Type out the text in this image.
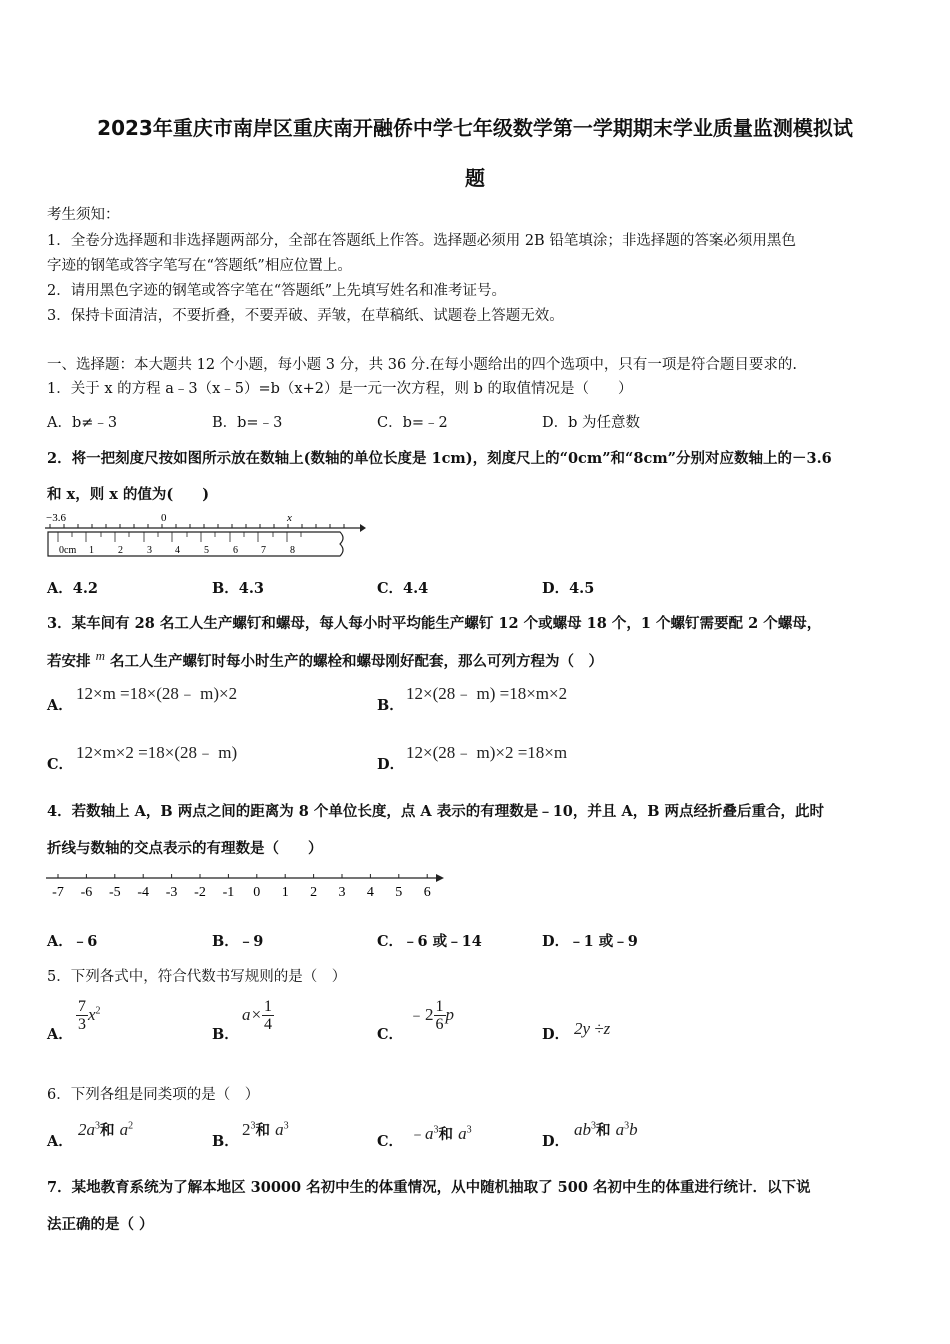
2023年重庆市南岸区重庆南开融侨中学七年级数学第一学期期末学业质量监测模拟试
题
考生须知：
1．全卷分选择题和非选择题两部分，全部在答题纸上作答。选择题必须用 2B 铅笔填涂；非选择题的答案必须用黑色
字迹的钢笔或答字笔写在“答题纸”相应位置上。
2．请用黑色字迹的钢笔或答字笔在“答题纸”上先填写姓名和准考证号。
3．保持卡面清洁，不要折叠，不要弄破、弄皱，在草稿纸、试题卷上答题无效。
一、选择题：本大题共 12 个小题，每小题 3 分，共 36 分.在每小题给出的四个选项中，只有一项是符合题目要求的.
1．关于 x 的方程 a﹣3（x﹣5）=b（x+2）是一元一次方程，则 b 的取值情况是（　　）
A．b≠﹣3	B．b=﹣3	C．b=﹣2	D．b 为任意数
2．将一把刻度尺按如图所示放在数轴上(数轴的单位长度是 1cm)，刻度尺上的“0cm”和“8cm”分别对应数轴上的－3.6
和 x，则 x 的值为(　　)
−3.6	0	x
0cm 1 2 3 4 5 6 7 8
A．4.2	B．4.3	C．4.4	D．4.5
3．某车间有 28 名工人生产螺钉和螺母，每人每小时平均能生产螺钉 12 个或螺母 18 个，1 个螺钉需要配 2 个螺母，
若安排 m 名工人生产螺钉时每小时生产的螺栓和螺母刚好配套，那么可列方程为（　）
A．
12×m =18×(28﹣ m)×2
B．
12×(28﹣ m) =18×m×2
C．
12×m×2 =18×(28﹣ m)
D．
12×(28﹣ m)×2 =18×m
4．若数轴上 A，B 两点之间的距离为 8 个单位长度，点 A 表示的有理数是﹣10，并且 A，B 两点经折叠后重合，此时
折线与数轴的交点表示的有理数是（　　）
-7 -6 -5 -4 -3 -2 -1 0 1 2 3 4 5 6
A．﹣6	B．﹣9	C．﹣6 或﹣14	D．﹣1 或﹣9
5．下列各式中，符合代数书写规则的是（　）
A．
$\frac{7}{3} x^2$
B．
$a\times \frac{1}{4}$
C．
﹣2 $\frac{1}{6}$ p
D． 2y ÷z
6．下列各组是同类项的是（　）
A．
$2a^3$和 $a^2$
B．
$2^3$和 $a^3$
C． $﹣a^3$和 $a^3$
D．
$ab^3$和 $a^3b$
7．某地教育系统为了解本地区 30000 名初中生的体重情况，从中随机抽取了 500 名初中生的体重进行统计．以下说
法正确的是（ ）
